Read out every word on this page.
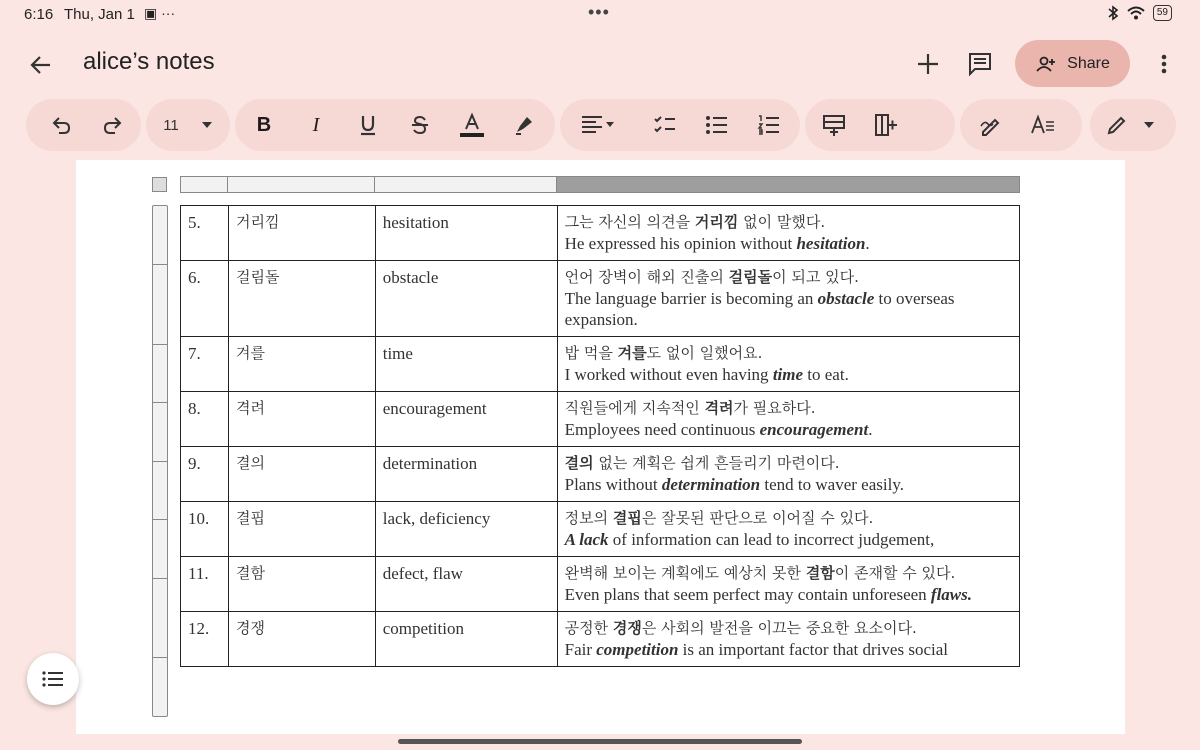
6:16 Thu, Jan 1 ▣ ···	•••	59
alice’s notes	Share
11	B	I
5.	거리낌	hesitation	그는 자신의 의견을 거리낌 없이 말했다.
He expressed his opinion without hesitation.

6.	걸림돌	obstacle	언어 장벽이 해외 진출의 걸림돌이 되고 있다.
The language barrier is becoming an obstacle to overseas expansion.

7.	겨를	time	밥 먹을 겨를도 없이 일했어요.
I worked without even having time to eat.

8.	격려	encouragement	직원들에게 지속적인 격려가 필요하다.
Employees need continuous encouragement.

9.	결의	determination	결의 없는 계획은 쉽게 흔들리기 마련이다.
Plans without determination tend to waver easily.

10.	결핍	lack, deficiency	정보의 결핍은 잘못된 판단으로 이어질 수 있다.
A lack of information can lead to incorrect judgement,

11.	결함	defect, flaw	완벽해 보이는 계획에도 예상치 못한 결함이 존재할 수 있다.
Even plans that seem perfect may contain unforeseen flaws.

12.	경쟁	competition	공정한 경쟁은 사회의 발전을 이끄는 중요한 요소이다.
Fair competition is an important factor that drives social
